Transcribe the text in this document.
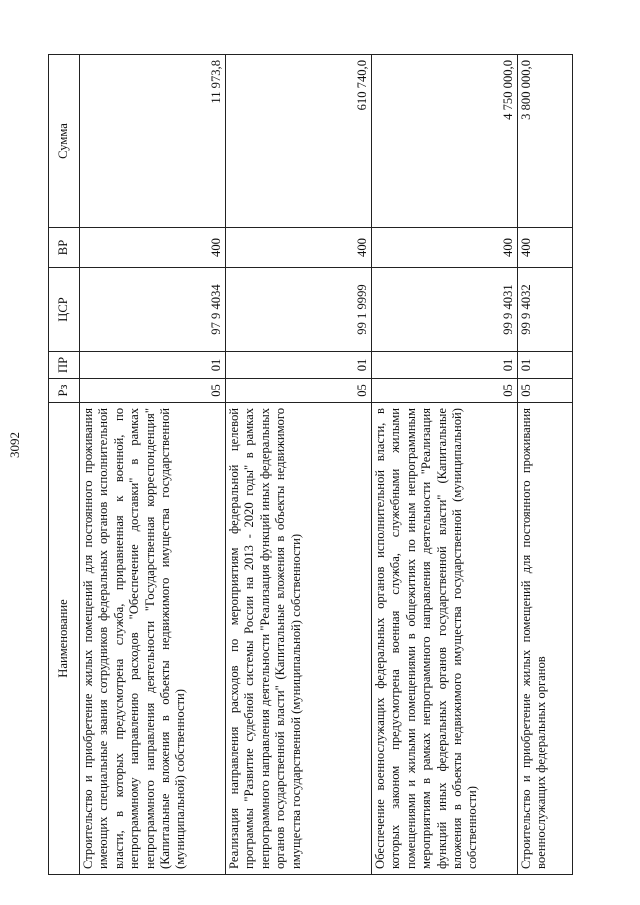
3092
Наименование	Рз	ПР	ЦСР	ВР	Сумма
Строительство и приобретение жилых помещений для постоянного проживания имеющих специальные звания сотрудников федеральных органов исполнительной власти, в которых предусмотрена служба, приравненная к военной, по непрограммному направлению расходов "Обеспечение доставки" в рамках непрограммного направления деятельности "Государственная корреспонденция" (Капитальные вложения в объекты недвижимого имущества государственной (муниципальной) собственности)	05	01	97 9 4034	400	11 973,8
Реализация направления расходов по мероприятиям федеральной целевой программы "Развитие судебной системы России на 2013 - 2020 годы" в рамках непрограммного направления деятельности "Реализация функций иных федеральных органов государственной власти" (Капитальные вложения в объекты недвижимого имущества государственной (муниципальной) собственности)	05	01	99 1 9999	400	610 740,0
Обеспечение военнослужащих федеральных органов исполнительной власти, в которых законом предусмотрена военная служба, служебными жилыми помещениями и жилыми помещениями в общежитиях по иным непрограммным мероприятиям в рамках непрограммного направления деятельности "Реализация функций иных федеральных органов государственной власти" (Капитальные вложения в объекты недвижимого имущества государственной (муниципальной) собственности)	05	01	99 9 4031	400	4 750 000,0
Строительство и приобретение жилых помещений для постоянного проживания военнослужащих федеральных органов	05	01	99 9 4032	400	3 800 000,0
